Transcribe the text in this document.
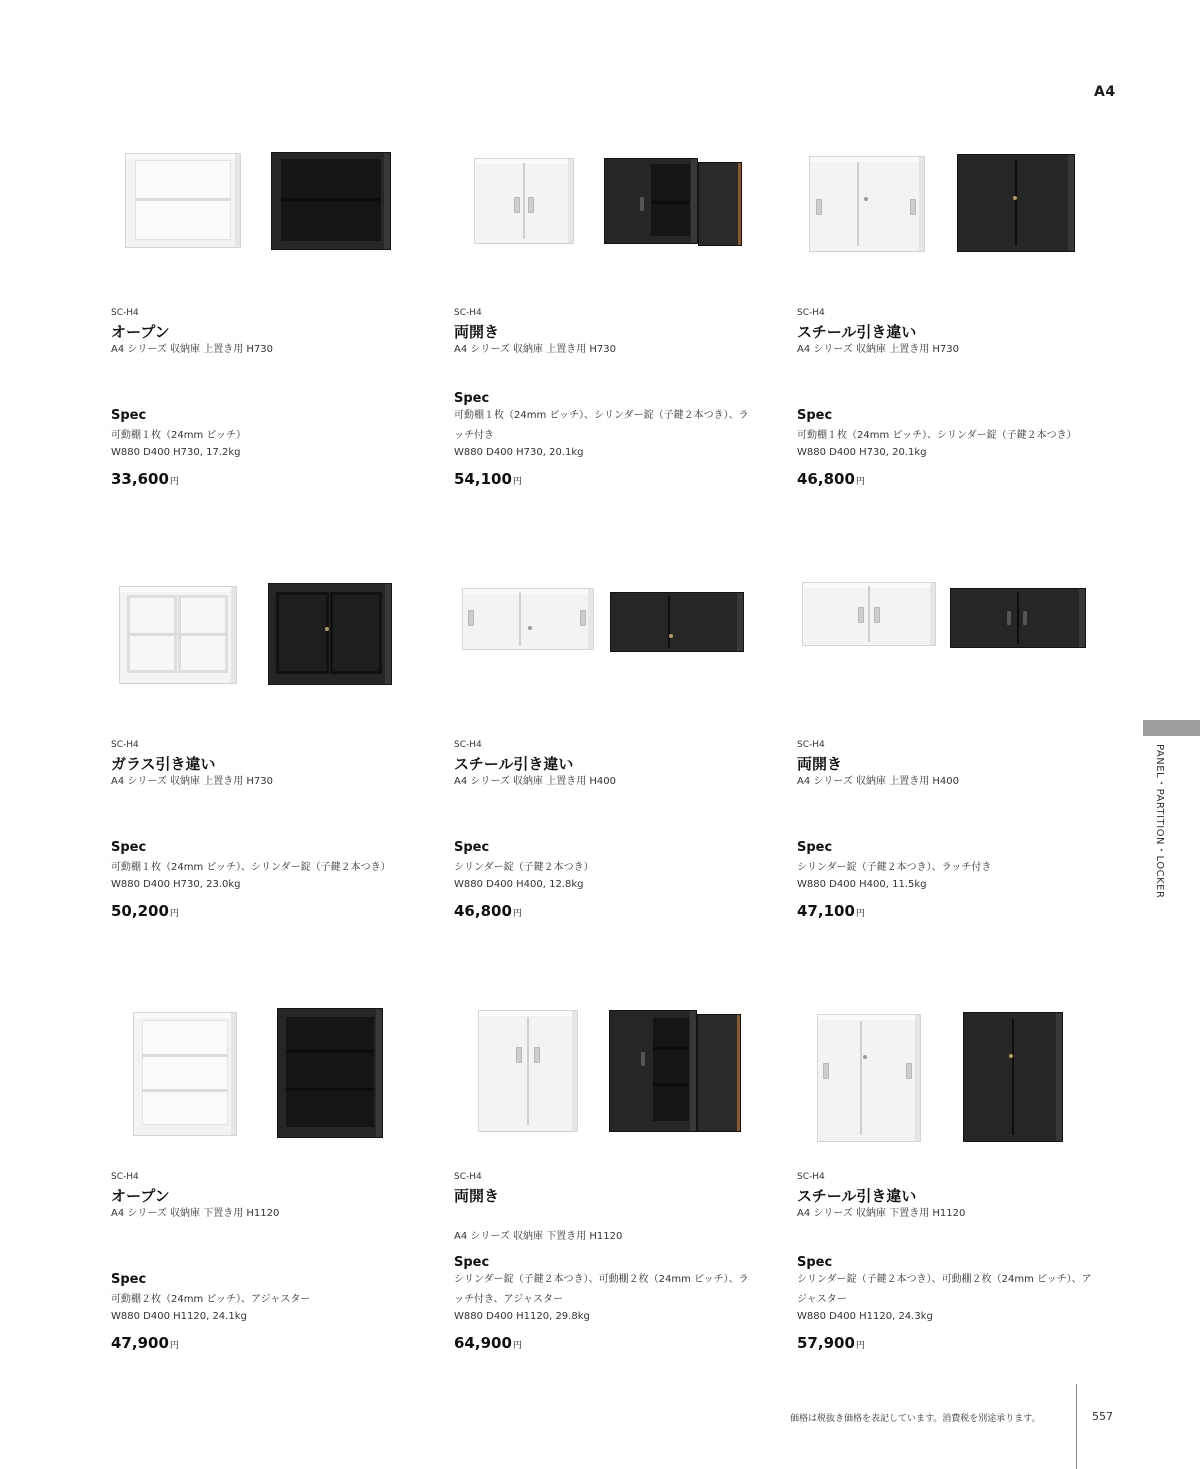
A4
SC-H4
オープン
A4 シリーズ 収納庫 上置き用 H730
Spec
可動棚１枚（24mm ピッチ）
W880 D400 H730, 17.2kg
33,600円
SC-H4
両開き
A4 シリーズ 収納庫 上置き用 H730
Spec
可動棚１枚（24mm ピッチ）、シリンダー錠（子鍵２本つき）、ラッチ付き
W880 D400 H730, 20.1kg
54,100円
SC-H4
スチール引き違い
A4 シリーズ 収納庫 上置き用 H730
Spec
可動棚１枚（24mm ピッチ）、シリンダー錠（子鍵２本つき）
W880 D400 H730, 20.1kg
46,800円
SC-H4
ガラス引き違い
A4 シリーズ 収納庫 上置き用 H730
Spec
可動棚１枚（24mm ピッチ）、シリンダー錠（子鍵２本つき）
W880 D400 H730, 23.0kg
50,200円
SC-H4
スチール引き違い
A4 シリーズ 収納庫 上置き用 H400
Spec
シリンダー錠（子鍵２本つき）
W880 D400 H400, 12.8kg
46,800円
SC-H4
両開き
A4 シリーズ 収納庫 上置き用 H400
Spec
シリンダー錠（子鍵２本つき）、ラッチ付き
W880 D400 H400, 11.5kg
47,100円
SC-H4
オープン
A4 シリーズ 収納庫 下置き用 H1120
Spec
可動棚２枚（24mm ピッチ）、アジャスター
W880 D400 H1120, 24.1kg
47,900円
SC-H4
両開き
A4 シリーズ 収納庫 下置き用 H1120
Spec
シリンダー錠（子鍵２本つき）、可動棚２枚（24mm ピッチ）、ラッチ付き、アジャスター
W880 D400 H1120, 29.8kg
64,900円
SC-H4
スチール引き違い
A4 シリーズ 収納庫 下置き用 H1120
Spec
シリンダー錠（子鍵２本つき）、可動棚２枚（24mm ピッチ）、アジャスター
W880 D400 H1120, 24.3kg
57,900円
PANEL・PARTITION・LOCKER
価格は税抜き価格を表記しています。消費税を別途承ります。	557
